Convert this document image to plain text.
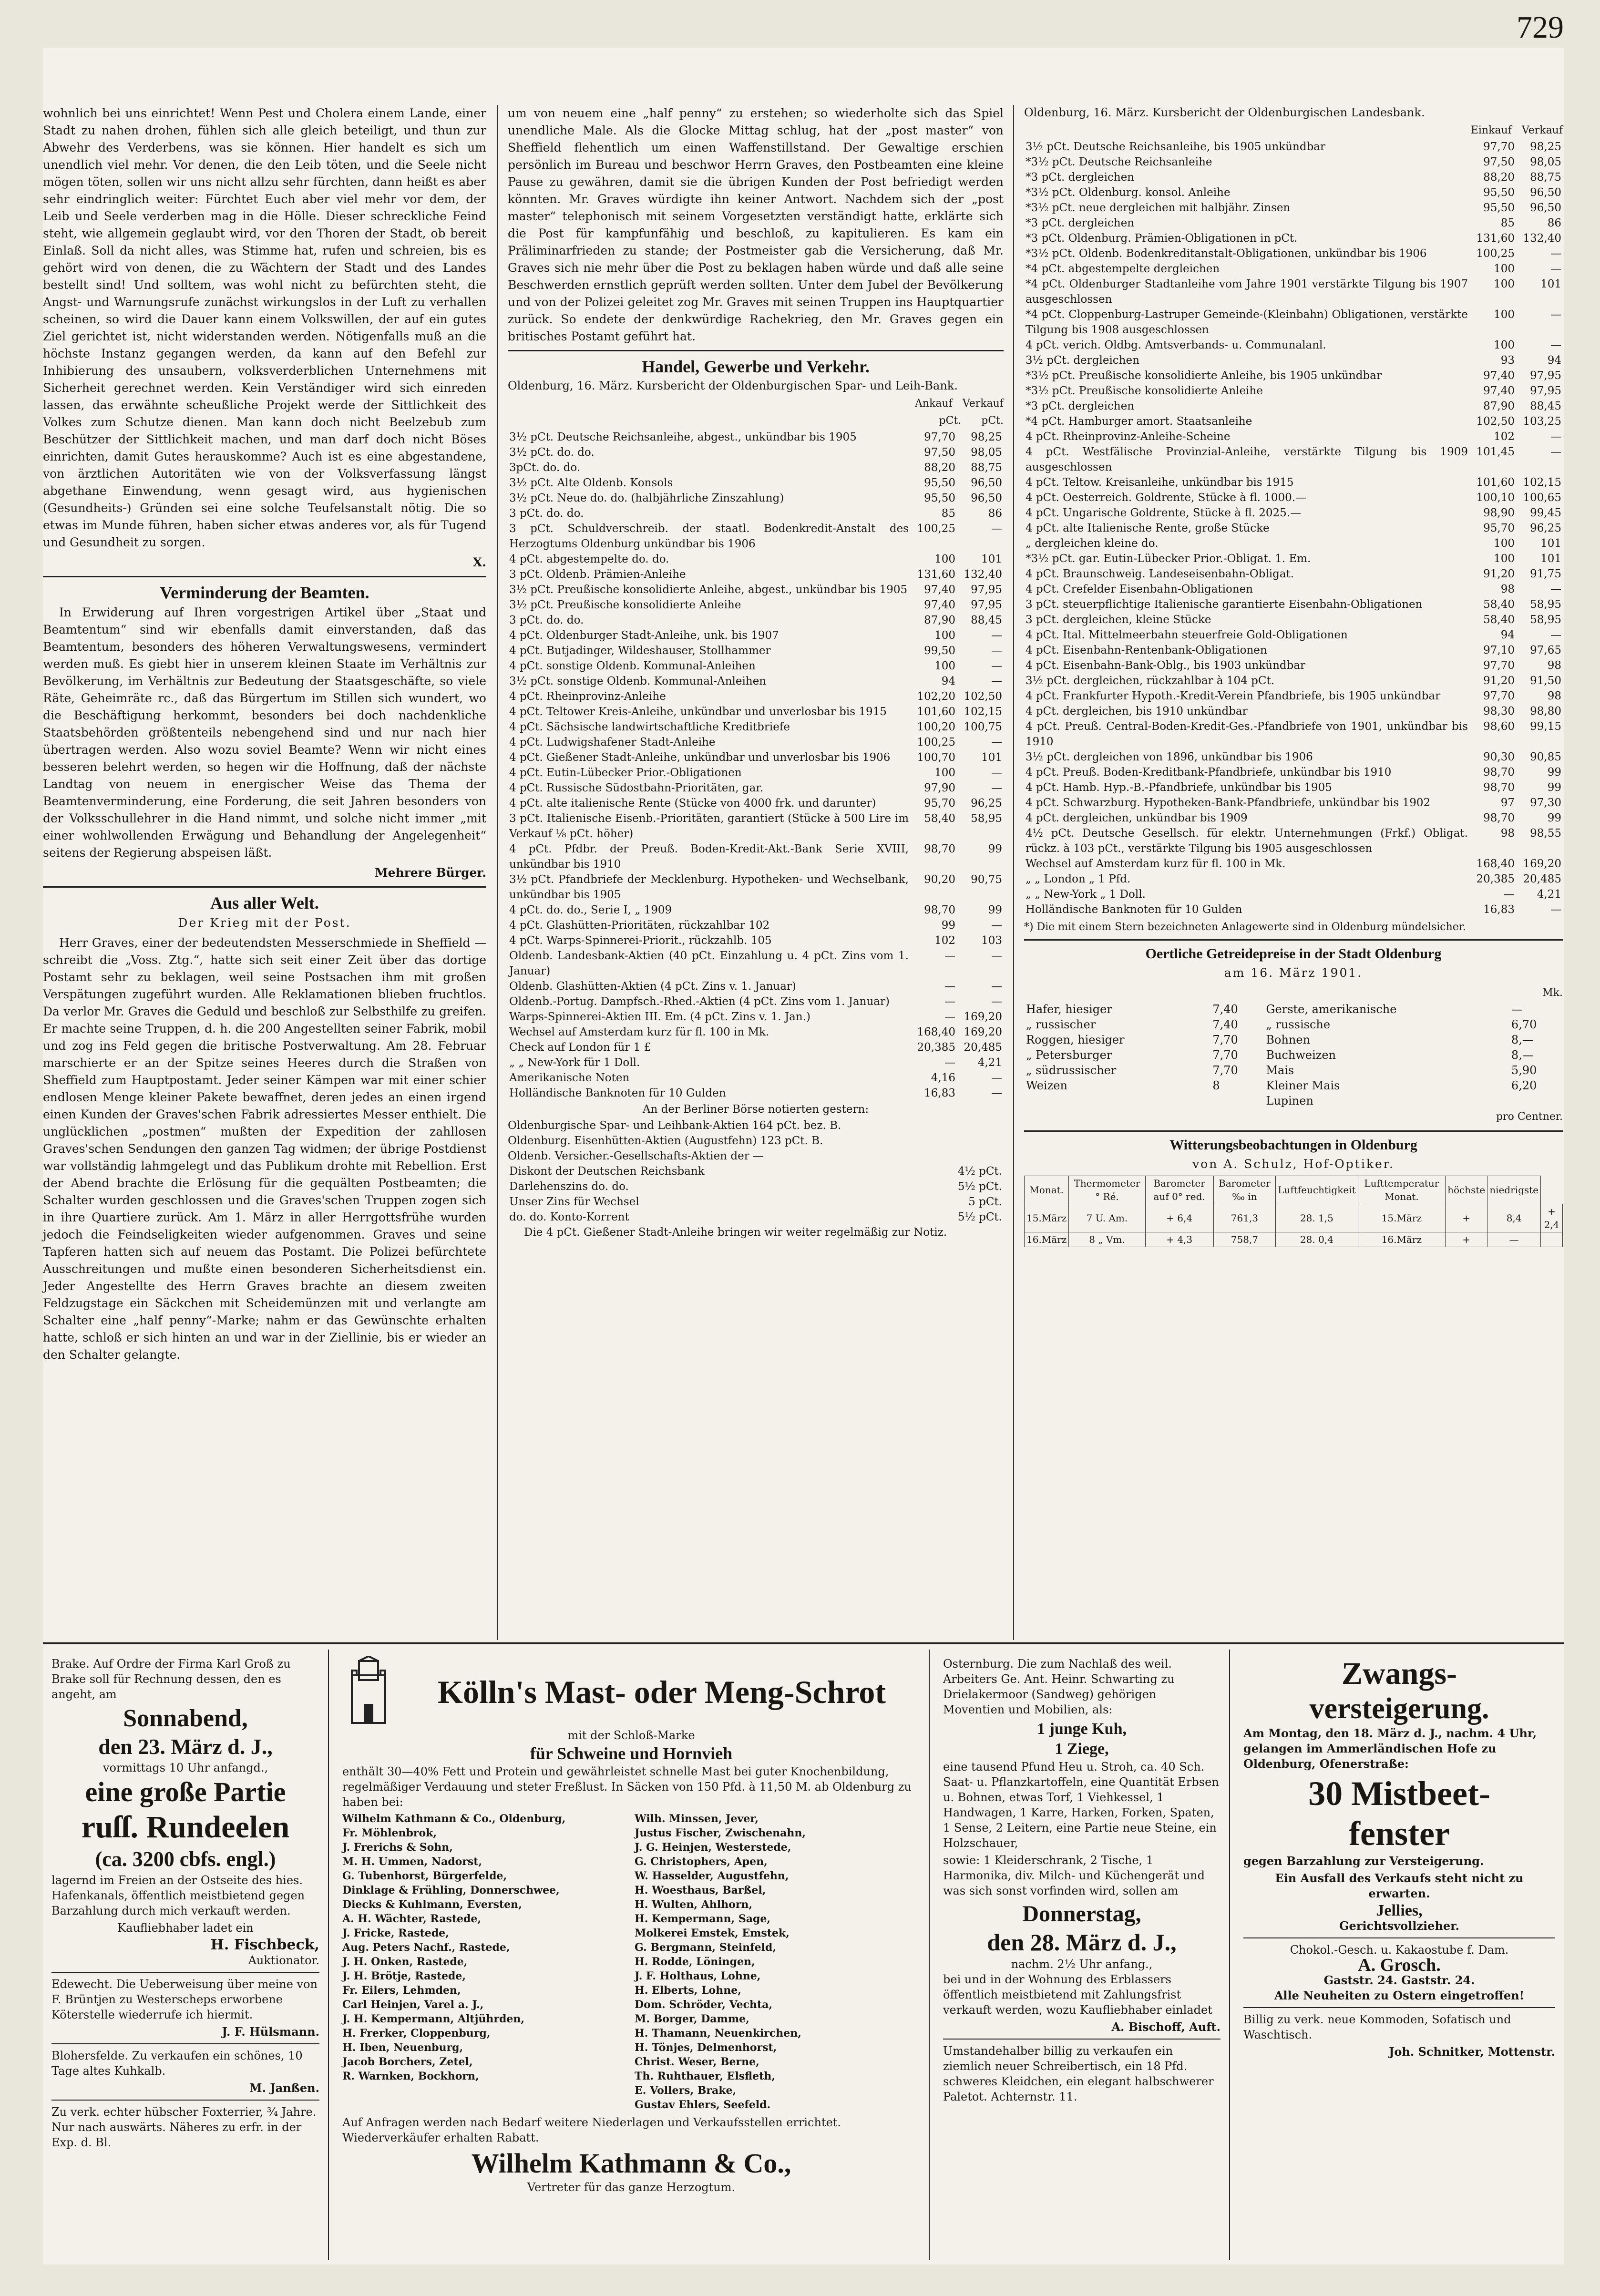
729

wohnlich bei uns einrichtet! Wenn Pest und Cholera einem Lande, einer Stadt zu nahen drohen, fühlen sich alle gleich beteiligt, und thun zur Abwehr des Verderbens, was sie können. Hier handelt es sich um unendlich viel mehr. Vor denen, die den Leib töten, und die Seele nicht mögen töten, sollen wir uns nicht allzu sehr fürchten, dann heißt es aber sehr eindringlich weiter: Fürchtet Euch aber viel mehr vor dem, der Leib und Seele verderben mag in die Hölle. Dieser schreckliche Feind steht, wie allgemein geglaubt wird, vor den Thoren der Stadt, ob bereit Einlaß. Soll da nicht alles, was Stimme hat, rufen und schreien, bis es gehört wird von denen, die zu Wächtern der Stadt und des Landes bestellt sind! Und solltem, was wohl nicht zu befürchten steht, die Angst- und Warnungsrufe zunächst wirkungslos in der Luft zu verhallen scheinen, so wird die Dauer kann einem Volkswillen, der auf ein gutes Ziel gerichtet ist, nicht widerstanden werden. Nötigenfalls muß an die höchste Instanz gegangen werden, da kann auf den Befehl zur Inhibierung des unsaubern, volksverderblichen Unternehmens mit Sicherheit gerechnet werden. Kein Verständiger wird sich einreden lassen, das erwähnte scheußliche Projekt werde der Sittlichkeit des Volkes zum Schutze dienen. Man kann doch nicht Beelzebub zum Beschützer der Sittlichkeit machen, und man darf doch nicht Böses einrichten, damit Gutes herauskomme? Auch ist es eine abgestandene, von ärztlichen Autoritäten wie von der Volksverfassung längst abgethane Einwendung, wenn gesagt wird, aus hygienischen (Gesundheits-) Gründen sei eine solche Teufelsanstalt nötig. Die so etwas im Munde führen, haben sicher etwas anderes vor, als für Tugend und Gesundheit zu sorgen.

X.
Verminderung der Beamten.

In Erwiderung auf Ihren vorgestrigen Artikel über „Staat und Beamtentum“ sind wir ebenfalls damit einverstanden, daß das Beamtentum, besonders des höheren Verwaltungswesens, vermindert werden muß. Es giebt hier in unserem kleinen Staate im Verhältnis zur Bevölkerung, im Verhältnis zur Bedeutung der Staatsgeschäfte, so viele Räte, Geheimräte rc., daß das Bürgertum im Stillen sich wundert, wo die Beschäftigung herkommt, besonders bei doch nachdenkliche Staatsbehörden größtenteils nebengehend sind und nur nach hier übertragen werden. Also wozu soviel Beamte? Wenn wir nicht eines besseren belehrt werden, so hegen wir die Hoffnung, daß der nächste Landtag von neuem in energischer Weise das Thema der Beamtenverminderung, eine Forderung, die seit Jahren besonders von der Volksschullehrer in die Hand nimmt, und solche nicht immer „mit einer wohlwollenden Erwägung und Behandlung der Angelegenheit“ seitens der Regierung abspeisen läßt.

Mehrere Bürger.
Aus aller Welt.
Der Krieg mit der Post.

Herr Graves, einer der bedeutendsten Messerschmiede in Sheffield — schreibt die „Voss. Ztg.“, hatte sich seit einer Zeit über das dortige Postamt sehr zu beklagen, weil seine Postsachen ihm mit großen Verspätungen zugeführt wurden. Alle Reklamationen blieben fruchtlos. Da verlor Mr. Graves die Geduld und beschloß zur Selbsthilfe zu greifen. Er machte seine Truppen, d. h. die 200 Angestellten seiner Fabrik, mobil und zog ins Feld gegen die britische Postverwaltung. Am 28. Februar marschierte er an der Spitze seines Heeres durch die Straßen von Sheffield zum Hauptpostamt. Jeder seiner Kämpen war mit einer schier endlosen Menge kleiner Pakete bewaffnet, deren jedes an einen irgend einen Kunden der Graves'schen Fabrik adressiertes Messer enthielt. Die unglücklichen „postmen“ mußten der Expedition der zahllosen Graves'schen Sendungen den ganzen Tag widmen; der übrige Postdienst war vollständig lahmgelegt und das Publikum drohte mit Rebellion. Erst der Abend brachte die Erlösung für die gequälten Postbeamten; die Schalter wurden geschlossen und die Graves'schen Truppen zogen sich in ihre Quartiere zurück. Am 1. März in aller Herrgottsfrühe wurden jedoch die Feindseligkeiten wieder aufgenommen. Graves und seine Tapferen hatten sich auf neuem das Postamt. Die Polizei befürchtete Ausschreitungen und mußte einen besonderen Sicherheitsdienst ein. Jeder Angestellte des Herrn Graves brachte an diesem zweiten Feldzugstage ein Säckchen mit Scheidemünzen mit und verlangte am Schalter eine „half penny“-Marke; nahm er das Gewünschte erhalten hatte, schloß er sich hinten an und war in der Ziellinie, bis er wieder an den Schalter gelangte.

um von neuem eine „half penny“ zu erstehen; so wiederholte sich das Spiel unendliche Male. Als die Glocke Mittag schlug, hat der „post master“ von Sheffield flehentlich um einen Waffenstillstand. Der Gewaltige erschien persönlich im Bureau und beschwor Herrn Graves, den Postbeamten eine kleine Pause zu gewähren, damit sie die übrigen Kunden der Post befriedigt werden könnten. Mr. Graves würdigte ihn keiner Antwort. Nachdem sich der „post master“ telephonisch mit seinem Vorgesetzten verständigt hatte, erklärte sich die Post für kampfunfähig und beschloß, zu kapitulieren. Es kam ein Präliminarfrieden zu stande; der Postmeister gab die Versicherung, daß Mr. Graves sich nie mehr über die Post zu beklagen haben würde und daß alle seine Beschwerden ernstlich geprüft werden sollten. Unter dem Jubel der Bevölkerung und von der Polizei geleitet zog Mr. Graves mit seinen Truppen ins Hauptquartier zurück. So endete der denkwürdige Rachekrieg, den Mr. Graves gegen ein britisches Postamt geführt hat.

Handel, Gewerbe und Verkehr.
Oldenburg, 16. März. Kursbericht der Oldenburgischen Spar- und Leih-Bank.
Ankauf Verkauf
pCt. pCt.
3½ pCt. Deutsche Reichsanleihe, abgest., unkündbar bis 1905	97,70	98,25
3½ pCt. do. do.	97,50	98,05
3pCt. do. do.	88,20	88,75
3½ pCt. Alte Oldenb. Konsols	95,50	96,50
3½ pCt. Neue do. do. (halbjährliche Zinszahlung)	95,50	96,50
3 pCt. do. do.	85	86
3 pCt. Schuldverschreib. der staatl. Bodenkredit-Anstalt des Herzogtums Oldenburg unkündbar bis 1906	100,25	—
4 pCt. abgestempelte do. do.	100	101
3 pCt. Oldenb. Prämien-Anleihe	131,60	132,40
3½ pCt. Preußische konsolidierte Anleihe, abgest., unkündbar bis 1905	97,40	97,95
3½ pCt. Preußische konsolidierte Anleihe	97,40	97,95
3 pCt. do. do.	87,90	88,45
4 pCt. Oldenburger Stadt-Anleihe, unk. bis 1907	100	—
4 pCt. Butjadinger, Wildeshauser, Stollhammer	99,50	—
4 pCt. sonstige Oldenb. Kommunal-Anleihen	100	—
3½ pCt. sonstige Oldenb. Kommunal-Anleihen	94	—
4 pCt. Rheinprovinz-Anleihe	102,20	102,50
4 pCt. Teltower Kreis-Anleihe, unkündbar und unverlosbar bis 1915	101,60	102,15
4 pCt. Sächsische landwirtschaftliche Kreditbriefe	100,20	100,75
4 pCt. Ludwigshafener Stadt-Anleihe	100,25	—
4 pCt. Gießener Stadt-Anleihe, unkündbar und unverlosbar bis 1906	100,70	101
4 pCt. Eutin-Lübecker Prior.-Obligationen	100	—
4 pCt. Russische Südostbahn-Prioritäten, gar.	97,90	—
4 pCt. alte italienische Rente (Stücke von 4000 frk. und darunter)	95,70	96,25
3 pCt. Italienische Eisenb.-Prioritäten, garantiert (Stücke à 500 Lire im Verkauf ⅛ pCt. höher)	58,40	58,95
4 pCt. Pfdbr. der Preuß. Boden-Kredit-Akt.-Bank Serie XVIII, unkündbar bis 1910	98,70	99
3½ pCt. Pfandbriefe der Mecklenburg. Hypotheken- und Wechselbank, unkündbar bis 1905	90,20	90,75
4 pCt. do. do., Serie I, „ 1909	98,70	99
4 pCt. Glashütten-Prioritäten, rückzahlbar 102	99	—
4 pCt. Warps-Spinnerei-Priorit., rückzahlb. 105	102	103
Oldenb. Landesbank-Aktien (40 pCt. Einzahlung u. 4 pCt. Zins vom 1. Januar)	—	—
Oldenb. Glashütten-Aktien (4 pCt. Zins v. 1. Januar)	—	—
Oldenb.-Portug. Dampfsch.-Rhed.-Aktien (4 pCt. Zins vom 1. Januar)	—	—
Warps-Spinnerei-Aktien III. Em. (4 pCt. Zins v. 1. Jan.)	—	169,20
Wechsel auf Amsterdam kurz für fl. 100 in Mk.	168,40	169,20
Check auf London für 1 £	20,385	20,485
„ „ New-York für 1 Doll.	—	4,21
Amerikanische Noten	4,16	—
Holländische Banknoten für 10 Gulden	16,83	—
An der Berliner Börse notierten gestern:
Oldenburgische Spar- und Leihbank-Aktien 164 pCt. bez. B.
Oldenburg. Eisenhütten-Aktien (Augustfehn) 123 pCt. B.
Oldenb. Versicher.-Gesellschafts-Aktien der —
Diskont der Deutschen Reichsbank	4½ pCt.
Darlehenszins do. do.	5½ pCt.
Unser Zins für Wechsel	5 pCt.
do. do. Konto-Korrent	5½ pCt.

Die 4 pCt. Gießener Stadt-Anleihe bringen wir weiter regelmäßig zur Notiz.

Oldenburg, 16. März. Kursbericht der Oldenburgischen Landesbank.
Einkauf Verkauf
3½ pCt. Deutsche Reichsanleihe, bis 1905 unkündbar	97,70	98,25
*3½ pCt. Deutsche Reichsanleihe	97,50	98,05
*3 pCt. dergleichen	88,20	88,75
*3½ pCt. Oldenburg. konsol. Anleihe	95,50	96,50
*3½ pCt. neue dergleichen mit halbjähr. Zinsen	95,50	96,50
*3 pCt. dergleichen	85	86
*3 pCt. Oldenburg. Prämien-Obligationen in pCt.	131,60	132,40
*3½ pCt. Oldenb. Bodenkreditanstalt-Obligationen, unkündbar bis 1906	100,25	—
*4 pCt. abgestempelte dergleichen	100	—
*4 pCt. Oldenburger Stadtanleihe vom Jahre 1901 verstärkte Tilgung bis 1907 ausgeschlossen	100	101
*4 pCt. Cloppenburg-Lastruper Gemeinde-(Kleinbahn) Obligationen, verstärkte Tilgung bis 1908 ausgeschlossen	100	—
4 pCt. verich. Oldbg. Amtsverbands- u. Communalanl.	100	—
3½ pCt. dergleichen	93	94
*3½ pCt. Preußische konsolidierte Anleihe, bis 1905 unkündbar	97,40	97,95
*3½ pCt. Preußische konsolidierte Anleihe	97,40	97,95
*3 pCt. dergleichen	87,90	88,45
*4 pCt. Hamburger amort. Staatsanleihe	102,50	103,25
4 pCt. Rheinprovinz-Anleihe-Scheine	102	—
4 pCt. Westfälische Provinzial-Anleihe, verstärkte Tilgung bis 1909 ausgeschlossen	101,45	—
4 pCt. Teltow. Kreisanleihe, unkündbar bis 1915	101,60	102,15
4 pCt. Oesterreich. Goldrente, Stücke à fl. 1000.—	100,10	100,65
4 pCt. Ungarische Goldrente, Stücke à fl. 2025.—	98,90	99,45
4 pCt. alte Italienische Rente, große Stücke	95,70	96,25
„ dergleichen kleine do.	100	101
*3½ pCt. gar. Eutin-Lübecker Prior.-Obligat. 1. Em.	100	101
4 pCt. Braunschweig. Landeseisenbahn-Obligat.	91,20	91,75
4 pCt. Crefelder Eisenbahn-Obligationen	98	—
3 pCt. steuerpflichtige Italienische garantierte Eisenbahn-Obligationen	58,40	58,95
3 pCt. dergleichen, kleine Stücke	58,40	58,95
4 pCt. Ital. Mittelmeerbahn steuerfreie Gold-Obligationen	94	—
4 pCt. Eisenbahn-Rentenbank-Obligationen	97,10	97,65
4 pCt. Eisenbahn-Bank-Oblg., bis 1903 unkündbar	97,70	98
3½ pCt. dergleichen, rückzahlbar à 104 pCt.	91,20	91,50
4 pCt. Frankfurter Hypoth.-Kredit-Verein Pfandbriefe, bis 1905 unkündbar	97,70	98
4 pCt. dergleichen, bis 1910 unkündbar	98,30	98,80
4 pCt. Preuß. Central-Boden-Kredit-Ges.-Pfandbriefe von 1901, unkündbar bis 1910	98,60	99,15
3½ pCt. dergleichen von 1896, unkündbar bis 1906	90,30	90,85
4 pCt. Preuß. Boden-Kreditbank-Pfandbriefe, unkündbar bis 1910	98,70	99
4 pCt. Hamb. Hyp.-B.-Pfandbriefe, unkündbar bis 1905	98,70	99
4 pCt. Schwarzburg. Hypotheken-Bank-Pfandbriefe, unkündbar bis 1902	97	97,30
4 pCt. dergleichen, unkündbar bis 1909	98,70	99
4½ pCt. Deutsche Gesellsch. für elektr. Unternehmungen (Frkf.) Obligat. rückz. à 103 pCt., verstärkte Tilgung bis 1905 ausgeschlossen	98	98,55
Wechsel auf Amsterdam kurz für fl. 100 in Mk.	168,40	169,20
„ „ London „ 1 Pfd.	20,385	20,485
„ „ New-York „ 1 Doll.	—	4,21
Holländische Banknoten für 10 Gulden	16,83	—
*) Die mit einem Stern bezeichneten Anlagewerte sind in Oldenburg mündelsicher.
Oertliche Getreidepreise in der Stadt Oldenburg
am 16. März 1901.
Mk.
Hafer, hiesiger	7,40	Gerste, amerikanische	—
„ russischer	7,40	„ russische	6,70
Roggen, hiesiger	7,70	Bohnen	8,—
„ Petersburger	7,70	Buchweizen	8,—
„ südrussischer	7,70	Mais	5,90
Weizen	8	Kleiner Mais	6,20
		Lupinen	
pro Centner.
Witterungsbeobachtungen in Oldenburg
von A. Schulz, Hof-Optiker.
Monat.	Thermometer ° Ré.	Barometer auf 0° red.	Barometer ‰ in	Luftfeuchtigkeit	Lufttemperatur Monat.	höchste	niedrigste	
15.März	7 U. Am.	+ 6,4	761,3	28. 1,5	15.März	+	8,4	+ 2,4
16.März	8 „ Vm.	+ 4,3	758,7	28. 0,4	16.März	+	—	

Brake. Auf Ordre der Firma Karl Groß zu Brake soll für Rechnung dessen, den es angeht, am

Sonnabend,
den 23. März d. J.,
vormittags 10 Uhr anfangd.,
eine große Partie
ruſſ. Rundeelen
(ca. 3200 cbfs. engl.)

lagernd im Freien an der Ostseite des hies. Hafenkanals, öffentlich meistbietend gegen Barzahlung durch mich verkauft werden.

Kaufliebhaber ladet ein

H. Fischbeck,
Auktionator.

Edewecht. Die Ueberweisung über meine von F. Brüntjen zu Westerscheps erworbene Köterstelle wiederrufe ich hiermit.

J. F. Hülsmann.

Blohersfelde. Zu verkaufen ein schönes, 10 Tage altes Kuhkalb.

M. Janßen.

Zu verk. echter hübscher Foxterrier, ¾ Jahre. Nur nach auswärts. Näheres zu erfr. in der Exp. d. Bl.

Kölln's Mast- oder Meng-Schrot
mit der Schloß-Marke
für Schweine und Hornvieh

enthält 30—40% Fett und Protein und gewährleistet schnelle Mast bei guter Knochenbildung, regelmäßiger Verdauung und steter Freßlust. In Säcken von 150 Pfd. à 11,50 M. ab Oldenburg zu haben bei:

Wilhelm Kathmann & Co., Oldenburg,
Fr. Möhlenbrok,
J. Frerichs & Sohn,
M. H. Ummen, Nadorst,
G. Tubenhorst, Bürgerfelde,
Dinklage & Frühling, Donnerschwee,
Diecks & Kuhlmann, Eversten,
A. H. Wächter, Rastede,
J. Fricke, Rastede,
Aug. Peters Nachf., Rastede,
J. H. Onken, Rastede,
J. H. Brötje, Rastede,
Fr. Eilers, Lehmden,
Carl Heinjen, Varel a. J.,
J. H. Kempermann, Altjührden,
H. Frerker, Cloppenburg,
H. Iben, Neuenburg,
Jacob Borchers, Zetel,
R. Warnken, Bockhorn,
Wilh. Minssen, Jever,
Justus Fischer, Zwischenahn,
J. G. Heinjen, Westerstede,
G. Christophers, Apen,
W. Hasselder, Augustfehn,
H. Woesthaus, Barßel,
H. Wulten, Ahlhorn,
H. Kempermann, Sage,
Molkerei Emstek, Emstek,
G. Bergmann, Steinfeld,
H. Rodde, Löningen,
J. F. Holthaus, Lohne,
H. Elberts, Lohne,
Dom. Schröder, Vechta,
M. Borger, Damme,
H. Thamann, Neuenkirchen,
H. Tönjes, Delmenhorst,
Christ. Weser, Berne,
Th. Ruhthauer, Elsfleth,
E. Vollers, Brake,
Gustav Ehlers, Seefeld.

Auf Anfragen werden nach Bedarf weitere Niederlagen und Verkaufsstellen errichtet. Wiederverkäufer erhalten Rabatt.

Wilhelm Kathmann & Co.,
Vertreter für das ganze Herzogtum.

Osternburg. Die zum Nachlaß des weil. Arbeiters Ge. Ant. Heinr. Schwarting zu Drielakermoor (Sandweg) gehörigen Moventien und Mobilien, als:

1 junge Kuh,
1 Ziege,

eine tausend Pfund Heu u. Stroh, ca. 40 Sch. Saat- u. Pflanzkartoffeln, eine Quantität Erbsen u. Bohnen, etwas Torf, 1 Viehkessel, 1 Handwagen, 1 Karre, Harken, Forken, Spaten, 1 Sense, 2 Leitern, eine Partie neue Steine, ein Holzschauer,

sowie: 1 Kleiderschrank, 2 Tische, 1 Harmonika, div. Milch- und Küchengerät und was sich sonst vorfinden wird, sollen am

Donnerstag,
den 28. März d. J.,
nachm. 2½ Uhr anfang.,

bei und in der Wohnung des Erblassers öffentlich meistbietend mit Zahlungsfrist verkauft werden, wozu Kaufliebhaber einladet

A. Bischoff, Auft.

Umstandehalber billig zu verkaufen ein ziemlich neuer Schreibertisch, ein 18 Pfd. schweres Kleidchen, ein elegant halbschwerer Paletot. Achternstr. 11.

Zwangs-
versteigerung.

Am Montag, den 18. März d. J., nachm. 4 Uhr, gelangen im Ammerländischen Hofe zu Oldenburg, Ofenerstraße:

30 Mistbeet-
fenster

gegen Barzahlung zur Versteigerung.

Ein Ausfall des Verkaufs steht nicht zu erwarten.

Jellies,
Gerichtsvollzieher.
Chokol.-Gesch. u. Kakaostube f. Dam.
A. Grosch.
Gaststr. 24. Gaststr. 24.
Alle Neuheiten zu Ostern eingetroffen!

Billig zu verk. neue Kommoden, Sofatisch und Waschtisch.

Joh. Schnitker, Mottenstr.
